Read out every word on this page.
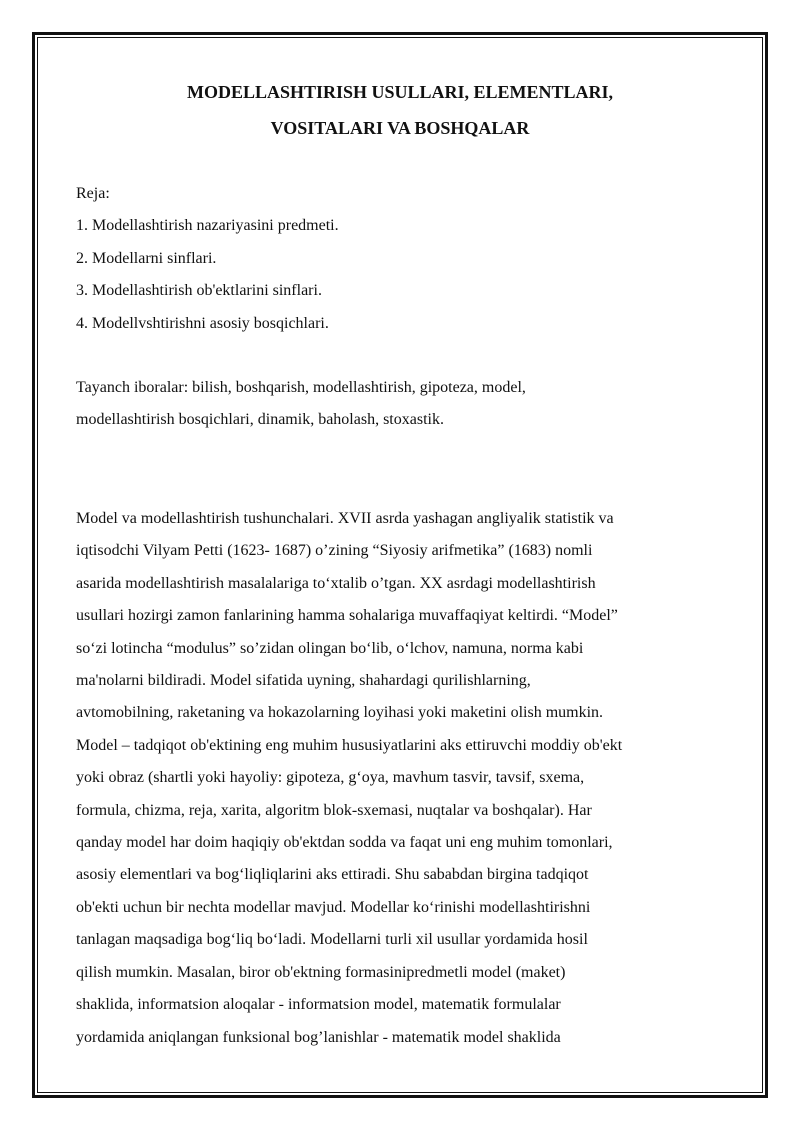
MODELLASHTIRISH USULLARI, ELEMENTLARI,
VOSITALARI VA BOSHQALAR
Reja:
1. Modellashtirish nazariyasini predmeti.
2. Modellarni sinflari.
3. Modellashtirish ob'ektlarini sinflari.
4. Modellvshtirishni asosiy bosqichlari.
Tayanch iboralar: bilish, boshqarish, modellashtirish, gipoteza, model,
modellashtirish bosqichlari, dinamik, baholash, stoxastik.
Model va modellashtirish tushunchalari. XVII asrda yashagan angliyalik statistik va
iqtisodchi Vilyam Petti (1623- 1687) o’zining “Siyosiy arifmetika” (1683) nomli
asarida modellashtirish masalalariga toʻxtalib o’tgan. XX asrdagi modellashtirish
usullari hozirgi zamon fanlarining hamma sohalariga muvaffaqiyat keltirdi. “Model”
soʻzi lotincha “modulus” so’zidan olingan boʻlib, oʻlchov, namuna, norma kabi
ma'nolarni bildiradi. Model sifatida uyning, shahardagi qurilishlarning,
avtomobilning, raketaning va hokazolarning loyihasi yoki maketini olish mumkin.
Model – tadqiqot ob'ektining eng muhim hususiyatlarini aks ettiruvchi moddiy ob'ekt
yoki obraz (shartli yoki hayoliy: gipoteza, gʻoya, mavhum tasvir, tavsif, sxema,
formula, chizma, reja, xarita, algoritm blok-sxemasi, nuqtalar va boshqalar). Har
qanday model har doim haqiqiy ob'ektdan sodda va faqat uni eng muhim tomonlari,
asosiy elementlari va bogʻliqliqlarini aks ettiradi. Shu sababdan birgina tadqiqot
ob'ekti uchun bir nechta modellar mavjud. Modellar koʻrinishi modellashtirishni
tanlagan maqsadiga bogʻliq boʻladi. Modellarni turli xil usullar yordamida hosil
qilish mumkin. Masalan, biror ob'ektning formasinipredmetli model (maket)
shaklida, informatsion aloqalar - informatsion model, matematik formulalar
yordamida aniqlangan funksional bog’lanishlar - matematik model shaklida
